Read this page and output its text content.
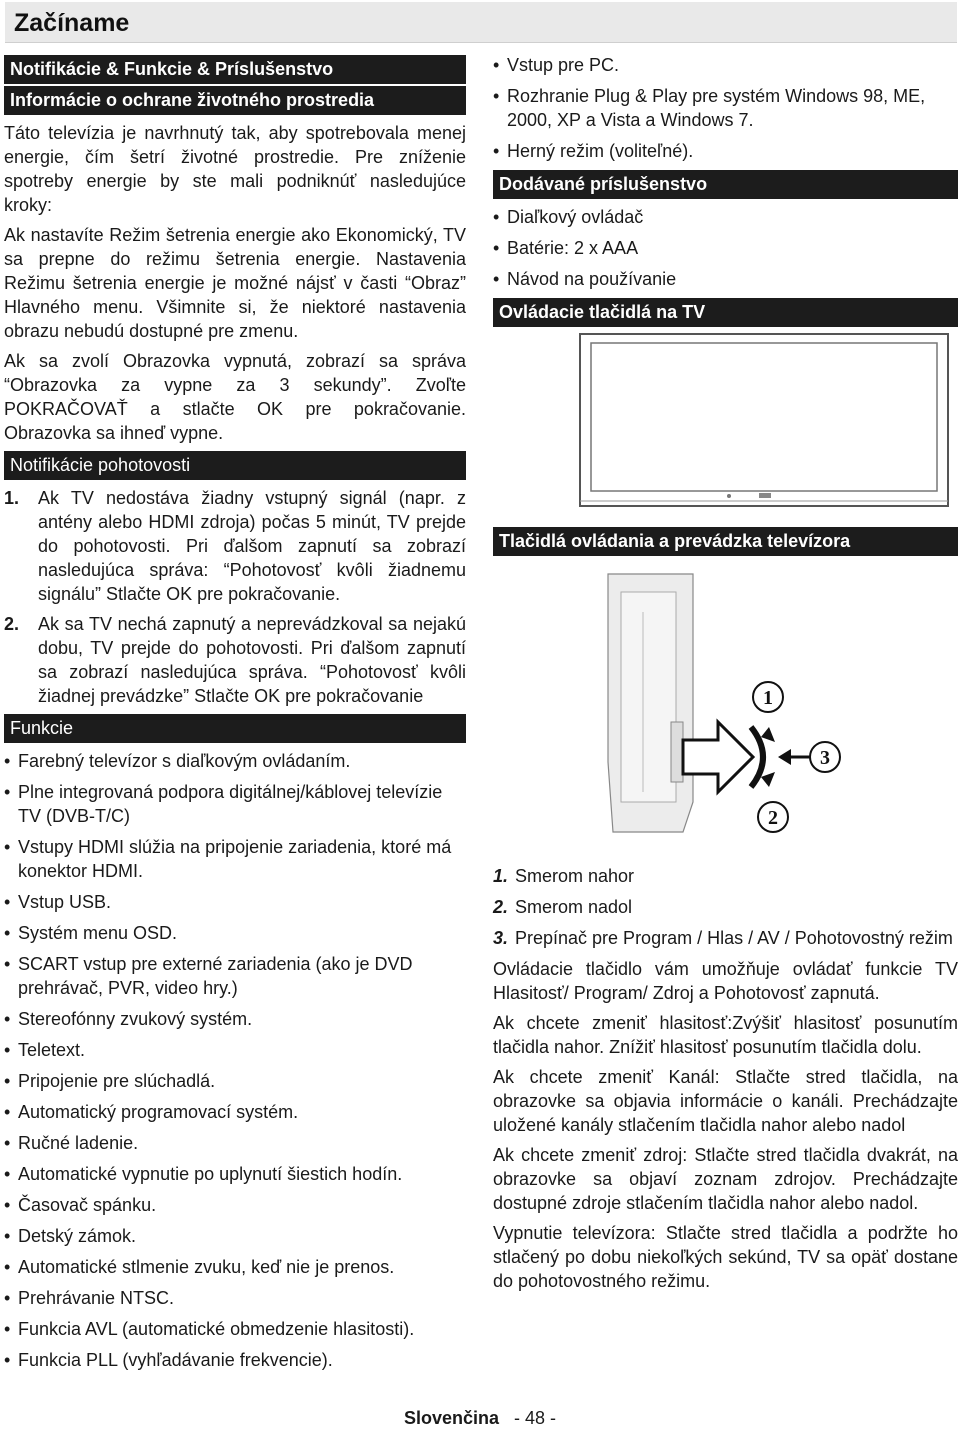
Začíname
Notifikácie & Funkcie & Príslušenstvo
Informácie o ochrane životného prostredia

Táto televízia je navrhnutý tak, aby spotrebovala menej energie, čím šetrí životné prostredie. Pre zníženie spotreby energie by ste mali podniknúť nasledujúce kroky:

Ak nastavíte Režim šetrenia energie ako Ekonomický, TV sa prepne do režimu šetrenia energie. Nastavenia Režimu šetrenia energie je možné nájsť v časti “Obraz” Hlavného menu. Všimnite si, že niektoré nastavenia obrazu nebudú dostupné pre zmenu.

Ak sa zvolí Obrazovka vypnutá, zobrazí sa správa “Obrazovka za vypne za 3 sekundy”. Zvoľte POKRAČOVAŤ a stlačte OK pre pokračovanie. Obrazovka sa ihneď vypne.

Notifikácie pohotovosti
1.	Ak TV nedostáva žiadny vstupný signál (napr. z antény alebo HDMI zdroja) počas 5 minút, TV prejde do pohotovosti. Pri ďalšom zapnutí sa zobrazí nasledujúca správa: “Pohotovosť kvôli žiadnemu signálu” Stlačte OK pre pokračovanie.
2.	Ak sa TV nechá zapnutý a neprevádzkoval sa nejakú dobu, TV prejde do pohotovosti. Pri ďalšom zapnutí sa zobrazí nasledujúca správa. “Pohotovosť kvôli žiadnej prevádzke” Stlačte OK pre pokračovanie
Funkcie
• Farebný televízor s diaľkovým ovládaním.
• Plne integrovaná podpora digitálnej/káblovej televízie TV (DVB-T/C)
• Vstupy HDMI slúžia na pripojenie zariadenia, ktoré má konektor HDMI.
• Vstup USB.
• Systém menu OSD.
• SCART vstup pre externé zariadenia (ako je DVD prehrávač, PVR, video hry.)
• Stereofónny zvukový systém.
• Teletext.
• Pripojenie pre slúchadlá.
• Automatický programovací systém.
• Ručné ladenie.
• Automatické vypnutie po uplynutí šiestich hodín.
• Časovač spánku.
• Detský zámok.
• Automatické stlmenie zvuku, keď nie je prenos.
• Prehrávanie NTSC.
• Funkcia AVL (automatické obmedzenie hlasitosti).
• Funkcia PLL (vyhľadávanie frekvencie).
• Vstup pre PC.
• Rozhranie Plug & Play pre systém Windows 98, ME, 2000, XP a Vista a Windows 7.
• Herný režim (voliteľné).
Dodávané príslušenstvo
• Diaľkový ovládač
• Batérie: 2 x AAA
• Návod na používanie
Ovládacie tlačidlá na TV
Tlačidlá ovládania a prevádzka televízora
1
3
2
1. Smerom nahor
2. Smerom nadol
3. Prepínač pre Program / Hlas / AV / Pohotovostný režim

Ovládacie tlačidlo vám umožňuje ovládať funkcie TV Hlasitosť/ Program/ Zdroj a Pohotovosť zapnutá.

Ak chcete zmeniť hlasitosť:Zvýšiť hlasitosť posunutím tlačidla nahor. Znížiť hlasitosť posunutím tlačidla dolu.

Ak chcete zmeniť Kanál: Stlačte stred tlačidla, na obrazovke sa objavia informácie o kanáli. Prechádzajte uložené kanály stlačením tlačidla nahor alebo nadol

Ak chcete zmeniť zdroj: Stlačte stred tlačidla dvakrát, na obrazovke sa objaví zoznam zdrojov. Prechádzajte dostupné zdroje stlačením tlačidla nahor alebo nadol.

Vypnutie televízora: Stlačte stred tlačidla a podržte ho stlačený po dobu niekoľkých sekúnd, TV sa opäť dostane do pohotovostného režimu.

Slovenčina - 48 -
